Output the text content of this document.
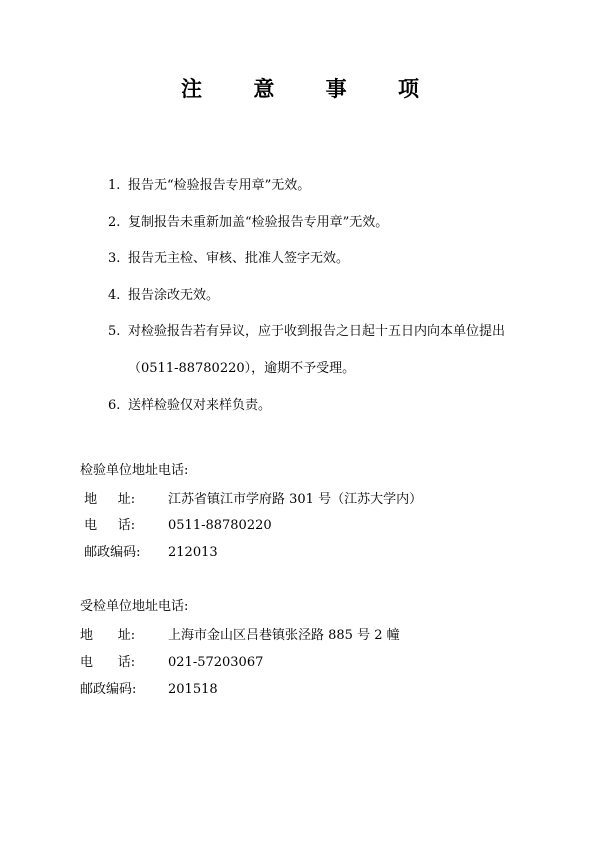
注 意 事 项
1. 报告无“检验报告专用章”无效。
2. 复制报告未重新加盖“检验报告专用章”无效。
3. 报告无主检、审核、批准人签字无效。
4. 报告涂改无效。
5. 对检验报告若有异议，应于收到报告之日起十五日内向本单位提出
（0511-88780220），逾期不予受理。
6. 送样检验仅对来样负责。
检验单位地址电话:
地     址:	江苏省镇江市学府路 301 号（江苏大学内）
电     话:	0511-88780220
邮政编码: 212013
受检单位地址电话:
地      址:	上海市金山区吕巷镇张泾路 885 号 2 幢
电      话:	021-57203067
邮政编码: 201518
